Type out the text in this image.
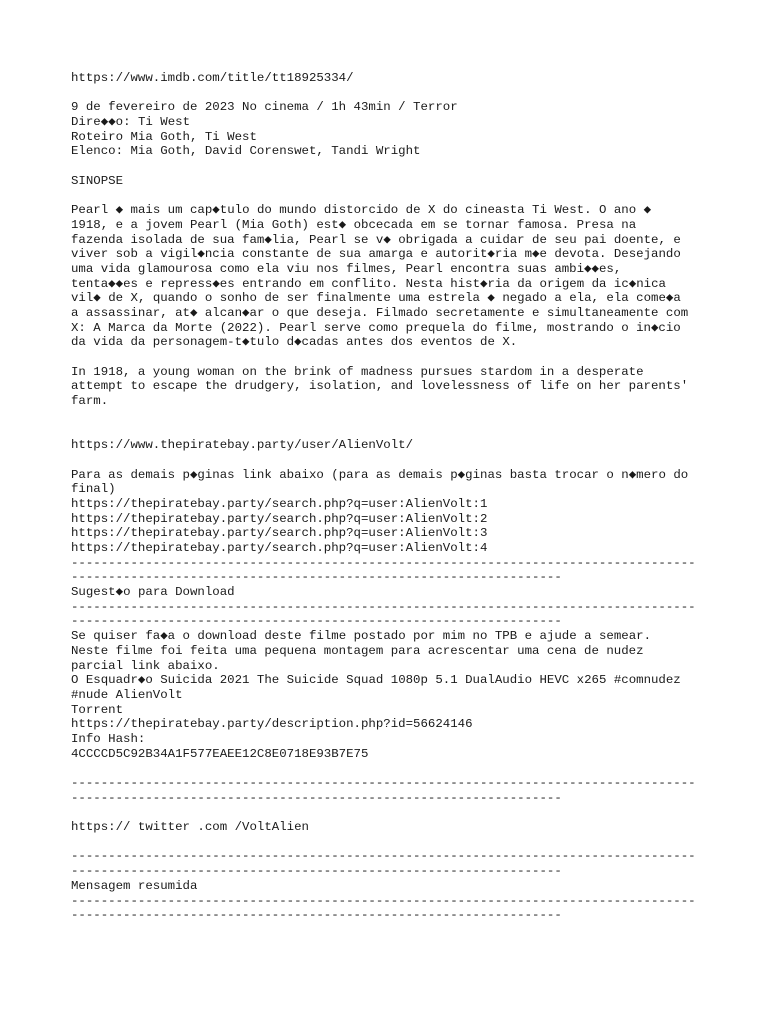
https://www.imdb.com/title/tt18925334/
9 de fevereiro de 2023 No cinema / 1h 43min / Terror
Dire◆◆o: Ti West
Roteiro Mia Goth, Ti West
Elenco: Mia Goth, David Corenswet, Tandi Wright
SINOPSE
Pearl ◆ mais um cap◆tulo do mundo distorcido de X do cineasta Ti West. O ano ◆
1918, e a jovem Pearl (Mia Goth) est◆ obcecada em se tornar famosa. Presa na
fazenda isolada de sua fam◆lia, Pearl se v◆ obrigada a cuidar de seu pai doente, e
viver sob a vigil◆ncia constante de sua amarga e autorit◆ria m◆e devota. Desejando
uma vida glamourosa como ela viu nos filmes, Pearl encontra suas ambi◆◆es,
tenta◆◆es e repress◆es entrando em conflito. Nesta hist◆ria da origem da ic◆nica
vil◆ de X, quando o sonho de ser finalmente uma estrela ◆ negado a ela, ela come◆a
a assassinar, at◆ alcan◆ar o que deseja. Filmado secretamente e simultaneamente com
X: A Marca da Morte (2022). Pearl serve como prequela do filme, mostrando o in◆cio
da vida da personagem-t◆tulo d◆cadas antes dos eventos de X.
In 1918, a young woman on the brink of madness pursues stardom in a desperate
attempt to escape the drudgery, isolation, and lovelessness of life on her parents'
farm.
https://www.thepiratebay.party/user/AlienVolt/
Para as demais p◆ginas link abaixo (para as demais p◆ginas basta trocar o n◆mero do
final)
https://thepiratebay.party/search.php?q=user:AlienVolt:1
https://thepiratebay.party/search.php?q=user:AlienVolt:2
https://thepiratebay.party/search.php?q=user:AlienVolt:3
https://thepiratebay.party/search.php?q=user:AlienVolt:4
------------------------------------------------------------------------------------
------------------------------------------------------------------
Sugest◆o para Download
------------------------------------------------------------------------------------
------------------------------------------------------------------
Se quiser fa◆a o download deste filme postado por mim no TPB e ajude a semear.
Neste filme foi feita uma pequena montagem para acrescentar uma cena de nudez
parcial link abaixo.
O Esquadr◆o Suicida 2021 The Suicide Squad 1080p 5.1 DualAudio HEVC x265 #comnudez
#nude AlienVolt
Torrent
https://thepiratebay.party/description.php?id=56624146
Info Hash:
4CCCCD5C92B34A1F577EAEE12C8E0718E93B7E75
------------------------------------------------------------------------------------
------------------------------------------------------------------
https:// twitter .com /VoltAlien
------------------------------------------------------------------------------------
------------------------------------------------------------------
Mensagem resumida
------------------------------------------------------------------------------------
------------------------------------------------------------------
